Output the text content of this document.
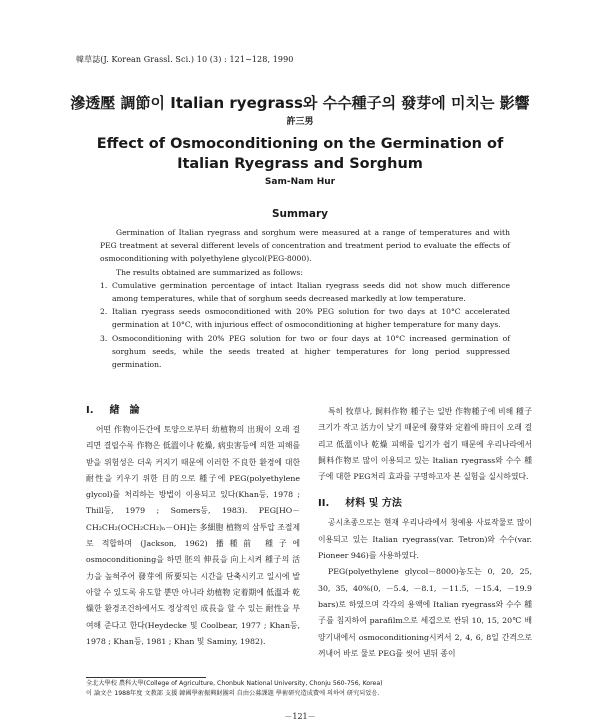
韓草誌(J. Korean Grassl. Sci.) 10 (3) : 121~128, 1990
滲透壓 調節이 Italian ryegrass와 수수種子의 發芽에 미치는 影響
許三男
Effect of Osmoconditioning on the Germination of Italian Ryegrass and Sorghum
Sam-Nam Hur
Summary

Germination of Italian ryegrass and sorghum were measured at a range of temperatures and with PEG treatment at several different levels of concentration and treatment period to evaluate the effects of osmoconditioning with polyethylene glycol(PEG-8000).

The results obtained are summarized as follows:

1. Cumulative germination percentage of intact Italian ryegrass seeds did not show much difference among temperatures, while that of sorghum seeds decreased markedly at low temperature.
2. Italian ryegrass seeds osmoconditioned with 20% PEG solution for two days at 10°C accelerated germination at 10°C, with injurious effect of osmoconditioning at higher temperature for many days.
3. Osmoconditioning with 20% PEG solution for two or four days at 10°C increased germination of sorghum seeds, while the seeds treated at higher temperatures for long period suppressed germination.
I. 緖　論

어떤 作物이든간에 토양으로부터 幼植物의 出現이 오래 걸리면 결립수록 作物은 低溫이나 乾燥, 病虫害등에 의한 피해를 받을 위험성은 더욱 커지기 때문에 이러한 不良한 환경에 대한 耐性을 키우기 위한 目的으로 種子에 PEG(polyethylene glycol)를 처리하는 방법이 이용되고 있다(Khan등, 1978 ; Thill등, 1979 ; Somers등, 1983). PEG[HO－CH₂CH₂(OCH₂CH₂)ₙ－OH]는 多細胞 植物의 삼투압 조절제로 적합하며 (Jackson, 1962) 播種前 種子에 osmoconditioning을 하면 胚의 伸長을 向上시켜 種子의 活力을 높혀주어 發芽에 所要되는 시간을 단축시키고 일시에 발아할 수 있도록 유도할 뿐만 아니라 幼植物 定着期에 低溫과 乾燥한 환경조건하에서도 정상적인 成長을 할 수 있는 耐性을 부여해 준다고 한다(Heydecke 및 Coolbear, 1977 ; Khan등, 1978 ; Khan등, 1981 ; Khan 및 Saminy, 1982).

특히 牧草나, 飼料作物 種子는 일반 作物種子에 비해 種子크기가 작고 活力이 낮기 때문에 發芽와 定着에 時日이 오래 걸리고 低溫이나 乾燥 피해를 입기가 쉽기 때문에 우리나라에서 飼料作物로 많이 이용되고 있는 Italian ryegrass와 수수 種子에 대한 PEG처리 효과를 구명하고자 본 실험을 실시하였다.

II. 材料 및 方法

공시초종으로는 현재 우리나라에서 청예용 사료작물로 많이 이용되고 있는 Italian ryegrass(var. Tetron)와 수수(var. Pioneer 946)를 사용하였다.

PEG(polyethylene glycol－8000)농도는 0, 20, 25, 30, 35, 40%(0, －5.4, －8.1, －11.5, －15.4, －19.9 bars)로 하였으며 각각의 용액에 Italian ryegrass와 수수 種子를 침지하여 parafilm으로 세겹으로 싼뒤 10, 15, 20℃ 배양기내에서 osmoconditioning시켜서 2, 4, 6, 8일 간격으로 꺼내어 바로 물로 PEG를 씻어 낸뒤 종이

全北大學校 農科大學(College of Agriculture, Chonbuk National University, Chonju 560-756, Korea)
이 論文은 1988年度 文教部 支援 韓國學術振興財團의 自由公募課題 學術研究造成費에 의하여 研究되었음.
－121－
